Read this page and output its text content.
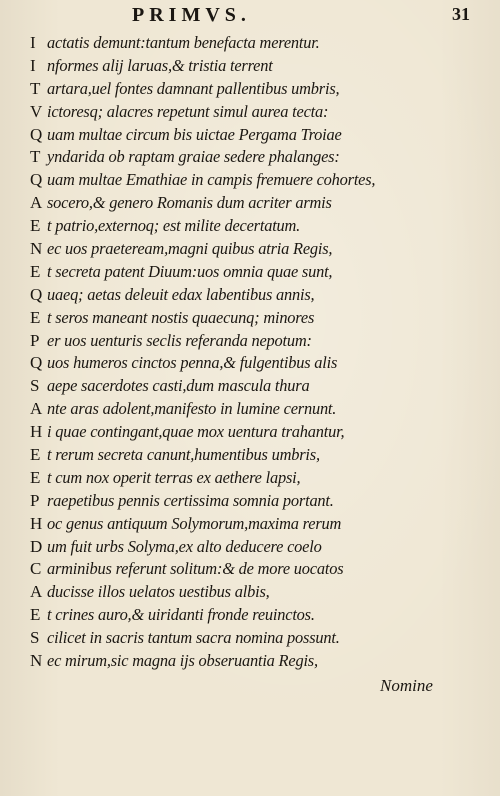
PRIMVS.	31
I actatis demunt:tantum benefacta merentur.
I nformes alij laruas,& tristia terrent
T artara,uel fontes damnant pallentibus umbris,
V ictoresq; alacres repetunt simul aurea tecta:
Q uam multae circum bis uictae Pergama Troiae
T yndarida ob raptam graiae sedere phalanges:
Q uam multae Emathiae in campis fremuere cohortes,
A socero,& genero Romanis dum acriter armis
E t patrio,externoq; est milite decertatum.
N ec uos praeteream,magni quibus atria Regis,
E t secreta patent Diuum:uos omnia quae sunt,
Q uaeq; aetas deleuit edax labentibus annis,
E t seros maneant nostis quaecunq; minores
P er uos uenturis seclis referanda nepotum:
Q uos humeros cinctos penna,& fulgentibus alis
S aepe sacerdotes casti,dum mascula thura
A nte aras adolent,manifesto in lumine cernunt.
H i quae contingant,quae mox uentura trahantur,
E t rerum secreta canunt,humentibus umbris,
E t cum nox operit terras ex aethere lapsi,
P raepetibus pennis certissima somnia portant.
H oc genus antiquum Solymorum,maxima rerum
D um fuit urbs Solyma,ex alto deducere coelo
C arminibus referunt solitum:& de more uocatos
A ducisse illos uelatos uestibus albis,
E t crines auro,& uiridanti fronde reuinctos.
S cilicet in sacris tantum sacra nomina possunt.
N ec mirum,sic magna ijs obseruantia Regis,
Nomine
